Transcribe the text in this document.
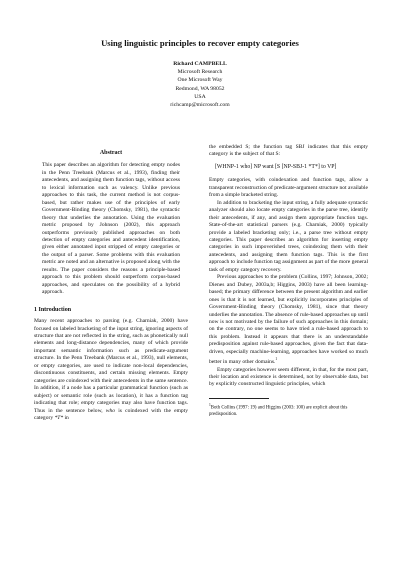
Using linguistic principles to recover empty categories
Richard CAMPBELL
Microsoft Research
One Microsoft Way
Redmond, WA 98052
USA
richcamp@microsoft.com
Abstract

This paper describes an algorithm for detecting empty nodes in the Penn Treebank (Marcus et al., 1993), finding their antecedents, and assigning them function tags, without access to lexical information such as valency. Unlike previous approaches to this task, the current method is not corpus-based, but rather makes use of the principles of early Government-Binding theory (Chomsky, 1981), the syntactic theory that underlies the annotation. Using the evaluation metric proposed by Johnson (2002), this approach outperforms previously published approaches on both detection of empty categories and antecedent identification, given either annotated input stripped of empty categories or the output of a parser. Some problems with this evaluation metric are noted and an alternative is proposed along with the results. The paper considers the reasons a principle-based approach to this problem should outperform corpus-based approaches, and speculates on the possibility of a hybrid approach.

1 Introduction

Many recent approaches to parsing (e.g. Charniak, 2000) have focused on labeled bracketing of the input string, ignoring aspects of structure that are not reflected in the string, such as phonetically null elements and long-distance dependencies, many of which provide important semantic information such as predicate-argument structure. In the Penn Treebank (Marcus et al., 1993), null elements, or empty categories, are used to indicate non-local dependencies, discontinuous constituents, and certain missing elements. Empty categories are coindexed with their antecedents in the same sentence. In addition, if a node has a particular grammatical function (such as subject) or semantic role (such as location), it has a function tag indicating that role; empty categories may also have function tags. Thus in the sentence below, who is coindexed with the empty category *T* in

the embedded S; the function tag SBJ indicates that this empty category is the subject of that S:

[WHNP-1 who] NP want [S [NP-SBJ-1 *T*] to VP]

Empty categories, with coindexation and function tags, allow a transparent reconstruction of predicate-argument structure not available from a simple bracketed string.

In addition to bracketing the input string, a fully adequate syntactic analyzer should also locate empty categories in the parse tree, identify their antecedents, if any, and assign them appropriate function tags. State-of-the-art statistical parsers (e.g. Charniak, 2000) typically provide a labeled bracketing only; i.e., a parse tree without empty categories. This paper describes an algorithm for inserting empty categories in such impoverished trees, coindexing them with their antecedents, and assigning them function tags. This is the first approach to include function tag assignment as part of the more general task of empty category recovery.

Previous approaches to the problem (Collins, 1997; Johnson, 2002; Dienes and Dubey, 2003a,b; Higgins, 2003) have all been learning-based; the primary difference between the present algorithm and earlier ones is that it is not learned, but explicitly incorporates principles of Government-Binding theory (Chomsky, 1981), since that theory underlies the annotation. The absence of rule-based approaches up until now is not motivated by the failure of such approaches in this domain; on the contrary, no one seems to have tried a rule-based approach to this problem. Instead it appears that there is an understandable predisposition against rule-based approaches, given the fact that data-driven, especially machine-learning, approaches have worked so much better in many other domains.$^1$

Empty categories however seem different, in that, for the most part, their location and existence is determined, not by observable data, but by explicitly constructed linguistic principles, which

$^1$Both Collins (1997: 19) and Higgins (2003: 100) are explicit about this predisposition.
